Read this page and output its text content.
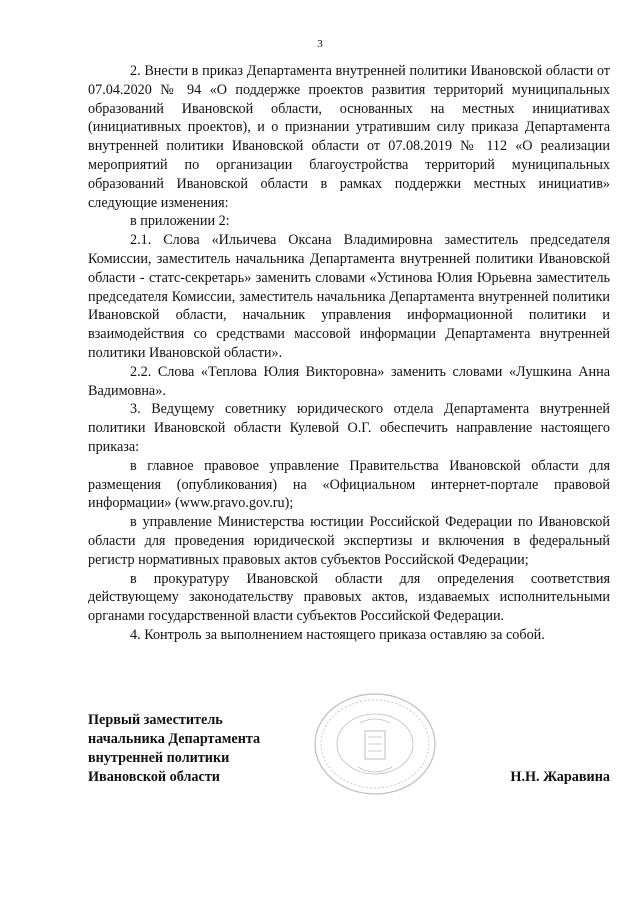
3

2. Внести в приказ Департамента внутренней политики Ивановской области от 07.04.2020 № 94 «О поддержке проектов развития территорий муниципальных образований Ивановской области, основанных на местных инициативах (инициативных проектов), и о признании утратившим силу приказа Департамента внутренней политики Ивановской области от 07.08.2019 № 112 «О реализации мероприятий по организации благоустройства территорий муниципальных образований Ивановской области в рамках поддержки местных инициатив» следующие изменения:

в приложении 2:

2.1. Слова «Ильичева Оксана Владимировна заместитель председателя Комиссии, заместитель начальника Департамента внутренней политики Ивановской области - статс-секретарь» заменить словами «Устинова Юлия Юрьевна заместитель председателя Комиссии, заместитель начальника Департамента внутренней политики Ивановской области, начальник управления информационной политики и взаимодействия со средствами массовой информации Департамента внутренней политики Ивановской области».

2.2. Слова «Теплова Юлия Викторовна» заменить словами «Лушкина Анна Вадимовна».

3. Ведущему советнику юридического отдела Департамента внутренней политики Ивановской области Кулевой О.Г. обеспечить направление настоящего приказа:

в главное правовое управление Правительства Ивановской области для размещения (опубликования) на «Официальном интернет-портале правовой информации» (www.pravo.gov.ru);

в управление Министерства юстиции Российской Федерации по Ивановской области для проведения юридической экспертизы и включения в федеральный регистр нормативных правовых актов субъектов Российской Федерации;

в прокуратуру Ивановской области для определения соответствия действующему законодательству правовых актов, издаваемых исполнительными органами государственной власти субъектов Российской Федерации.

4. Контроль за выполнением настоящего приказа оставляю за собой.

Первый заместитель
начальника Департамента
внутренней политики
Ивановской области	Н.Н. Жаравина
